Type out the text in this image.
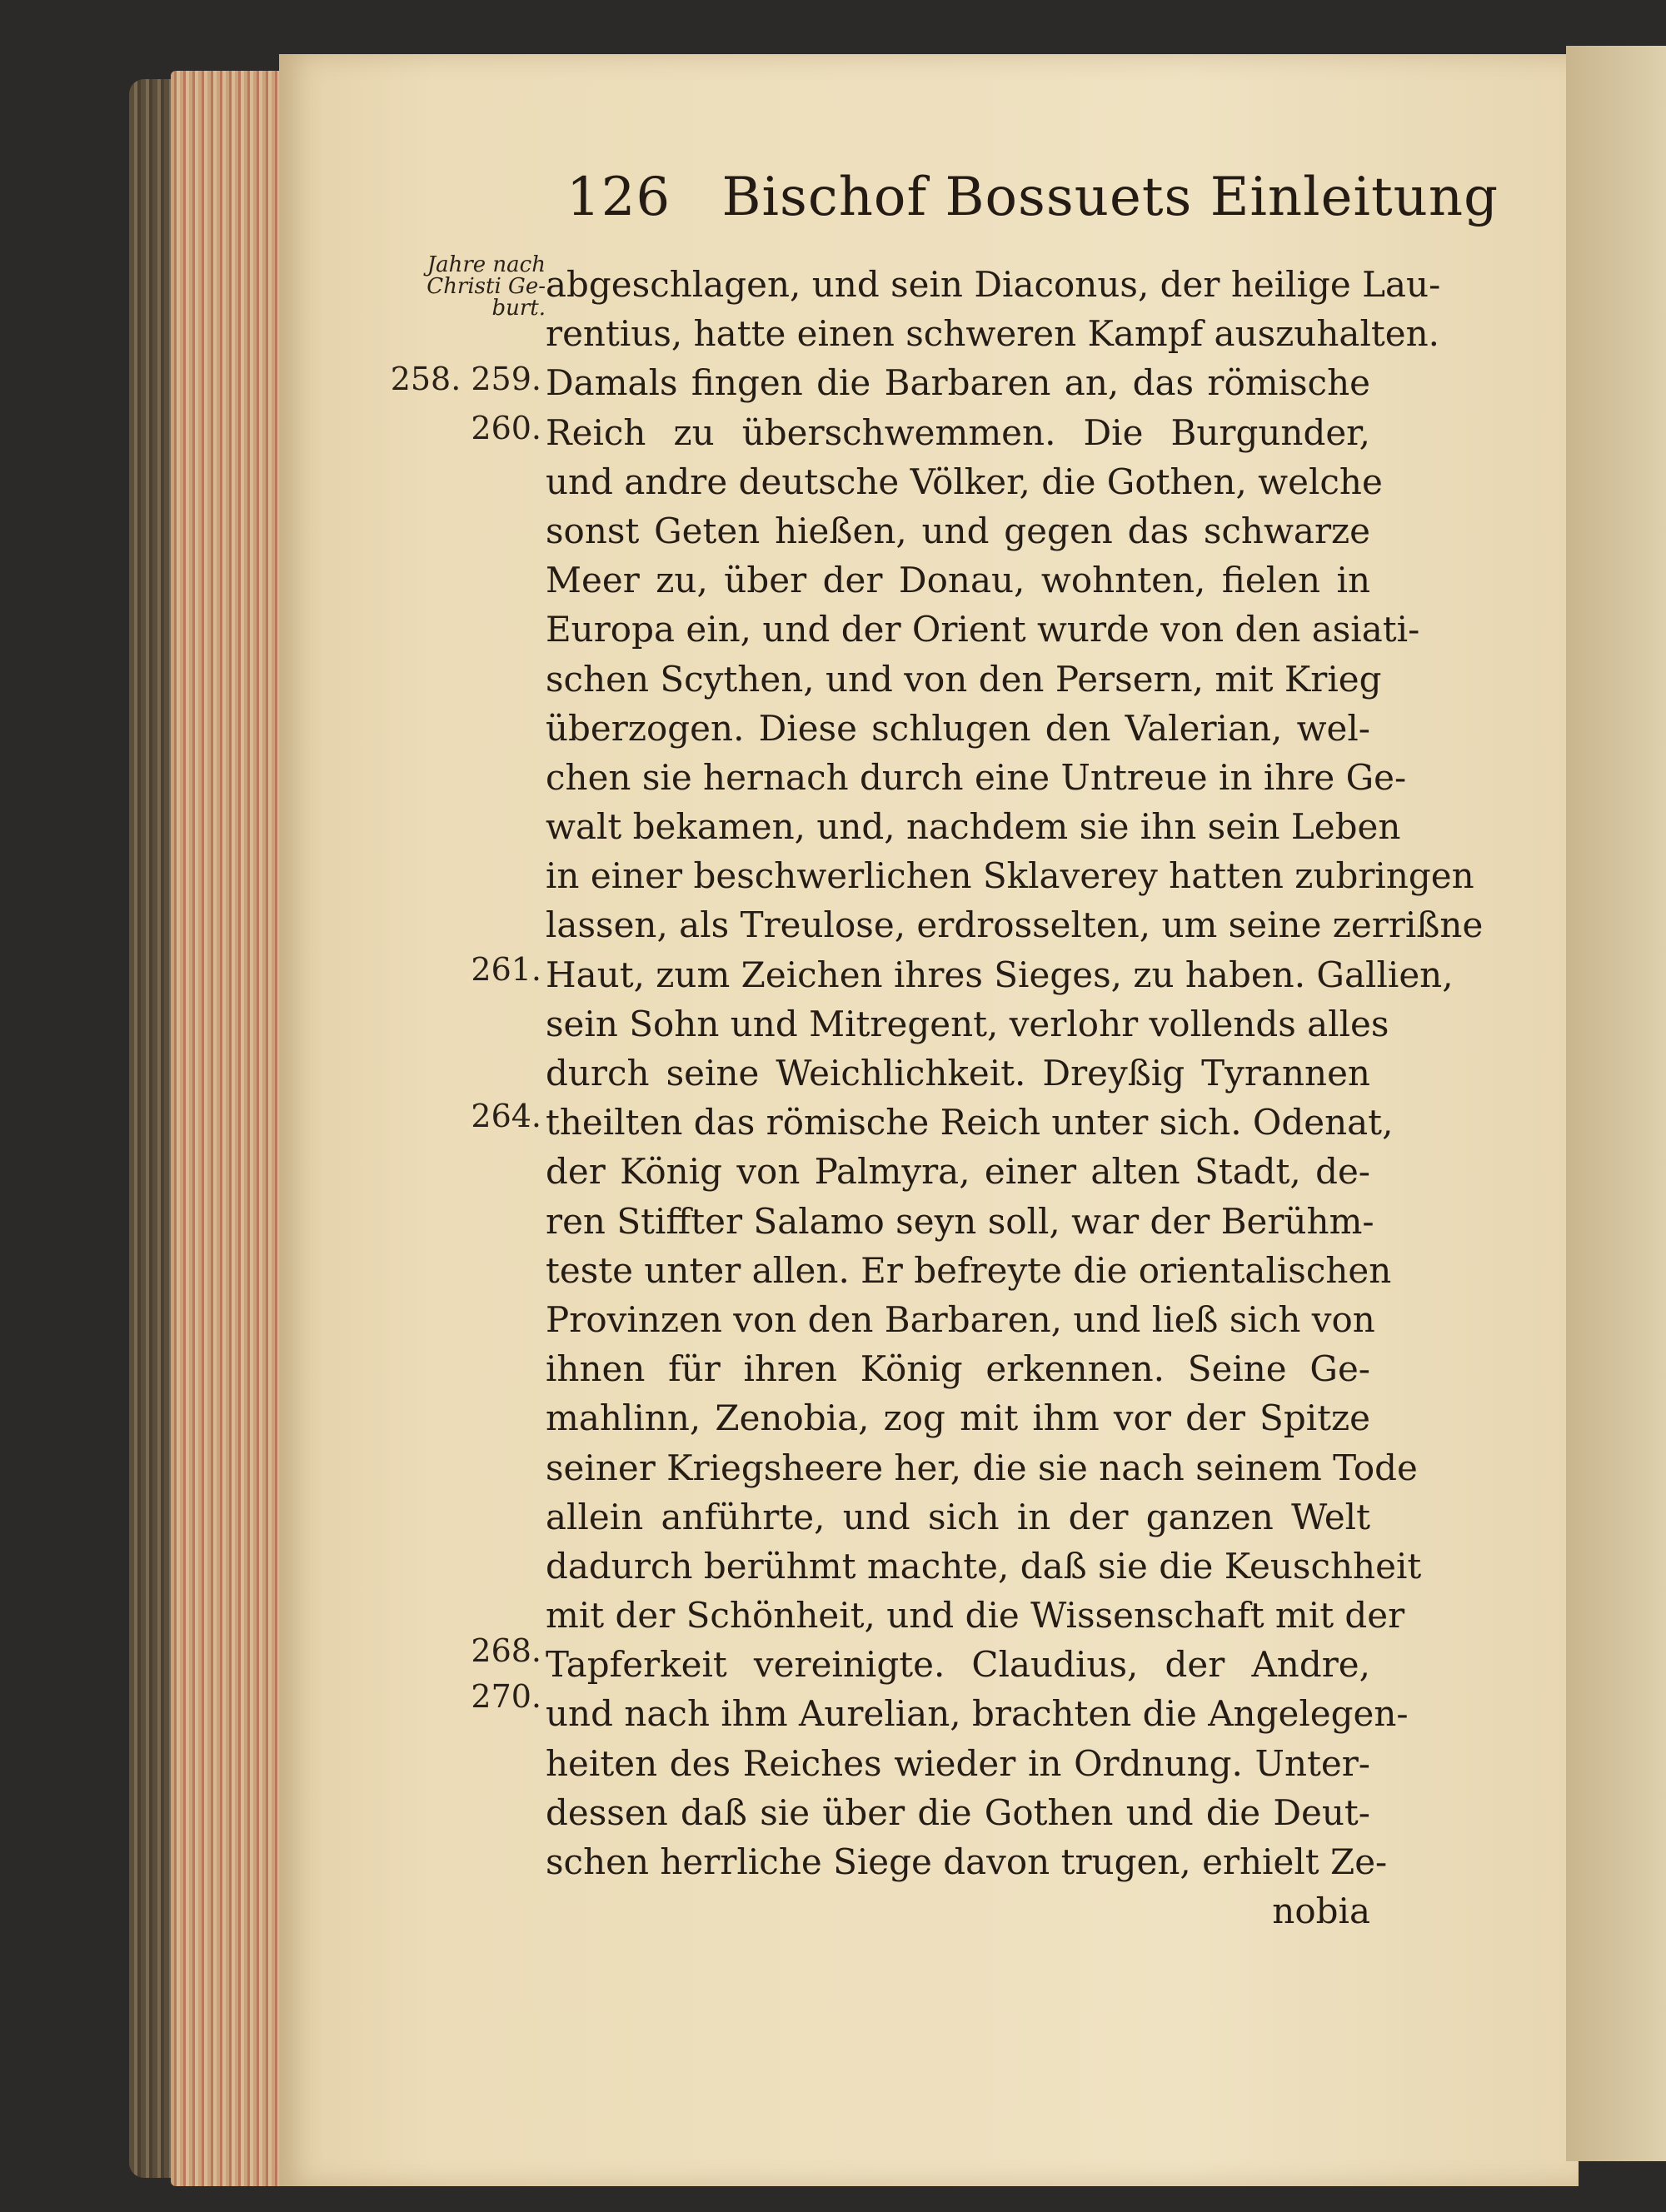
126 Bischof Bossuets Einleitung
Jahre nach
Christi Ge-
burt.
258. 259.
260.
261.
264.
268.
270.
abgeschlagen, und sein Diaconus, der heilige Lau-
rentius, hatte einen schweren Kampf auszuhalten.
Damals fingen die Barbaren an, das römische
Reich zu überschwemmen. Die Burgunder,
und andre deutsche Völker, die Gothen, welche
sonst Geten hießen, und gegen das schwarze
Meer zu, über der Donau, wohnten, fielen in
Europa ein, und der Orient wurde von den asiati-
schen Scythen, und von den Persern, mit Krieg
überzogen. Diese schlugen den Valerian, wel-
chen sie hernach durch eine Untreue in ihre Ge-
walt bekamen, und, nachdem sie ihn sein Leben
in einer beschwerlichen Sklaverey hatten zubringen
lassen, als Treulose, erdrosselten, um seine zerrißne
Haut, zum Zeichen ihres Sieges, zu haben. Gallien,
sein Sohn und Mitregent, verlohr vollends alles
durch seine Weichlichkeit. Dreyßig Tyrannen
theilten das römische Reich unter sich. Odenat,
der König von Palmyra, einer alten Stadt, de-
ren Stiffter Salamo seyn soll, war der Berühm-
teste unter allen. Er befreyte die orientalischen
Provinzen von den Barbaren, und ließ sich von
ihnen für ihren König erkennen. Seine Ge-
mahlinn, Zenobia, zog mit ihm vor der Spitze
seiner Kriegsheere her, die sie nach seinem Tode
allein anführte, und sich in der ganzen Welt
dadurch berühmt machte, daß sie die Keuschheit
mit der Schönheit, und die Wissenschaft mit der
Tapferkeit vereinigte. Claudius, der Andre,
und nach ihm Aurelian, brachten die Angelegen-
heiten des Reiches wieder in Ordnung. Unter-
dessen daß sie über die Gothen und die Deut-
schen herrliche Siege davon trugen, erhielt Ze-
nobia
